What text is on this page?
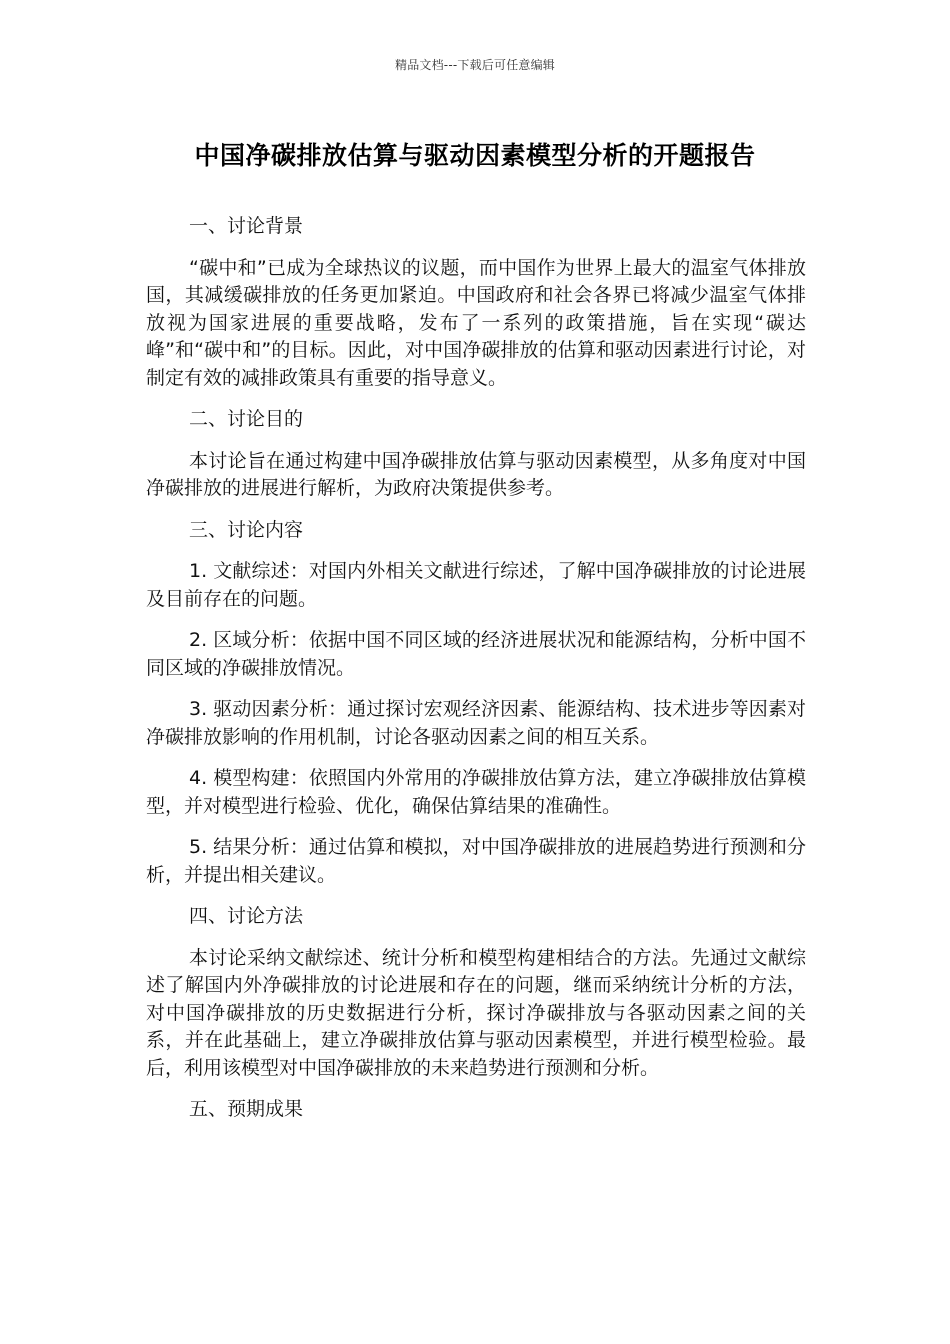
精品文档---下载后可任意编辑
中国净碳排放估算与驱动因素模型分析的开题报告
一、讨论背景

“碳中和”已成为全球热议的议题，而中国作为世界上最大的温室气体排放国，其减缓碳排放的任务更加紧迫。中国政府和社会各界已将减少温室气体排放视为国家进展的重要战略，发布了一系列的政策措施，旨在实现“碳达峰”和“碳中和”的目标。因此，对中国净碳排放的估算和驱动因素进行讨论，对制定有效的减排政策具有重要的指导意义。

二、讨论目的

本讨论旨在通过构建中国净碳排放估算与驱动因素模型，从多角度对中国净碳排放的进展进行解析，为政府决策提供参考。

三、讨论内容

1. 文献综述：对国内外相关文献进行综述，了解中国净碳排放的讨论进展及目前存在的问题。

2. 区域分析：依据中国不同区域的经济进展状况和能源结构，分析中国不同区域的净碳排放情况。

3. 驱动因素分析：通过探讨宏观经济因素、能源结构、技术进步等因素对净碳排放影响的作用机制，讨论各驱动因素之间的相互关系。

4. 模型构建：依照国内外常用的净碳排放估算方法，建立净碳排放估算模型，并对模型进行检验、优化，确保估算结果的准确性。

5. 结果分析：通过估算和模拟，对中国净碳排放的进展趋势进行预测和分析，并提出相关建议。

四、讨论方法

本讨论采纳文献综述、统计分析和模型构建相结合的方法。先通过文献综述了解国内外净碳排放的讨论进展和存在的问题，继而采纳统计分析的方法，对中国净碳排放的历史数据进行分析，探讨净碳排放与各驱动因素之间的关系，并在此基础上，建立净碳排放估算与驱动因素模型，并进行模型检验。最后，利用该模型对中国净碳排放的未来趋势进行预测和分析。

五、预期成果
